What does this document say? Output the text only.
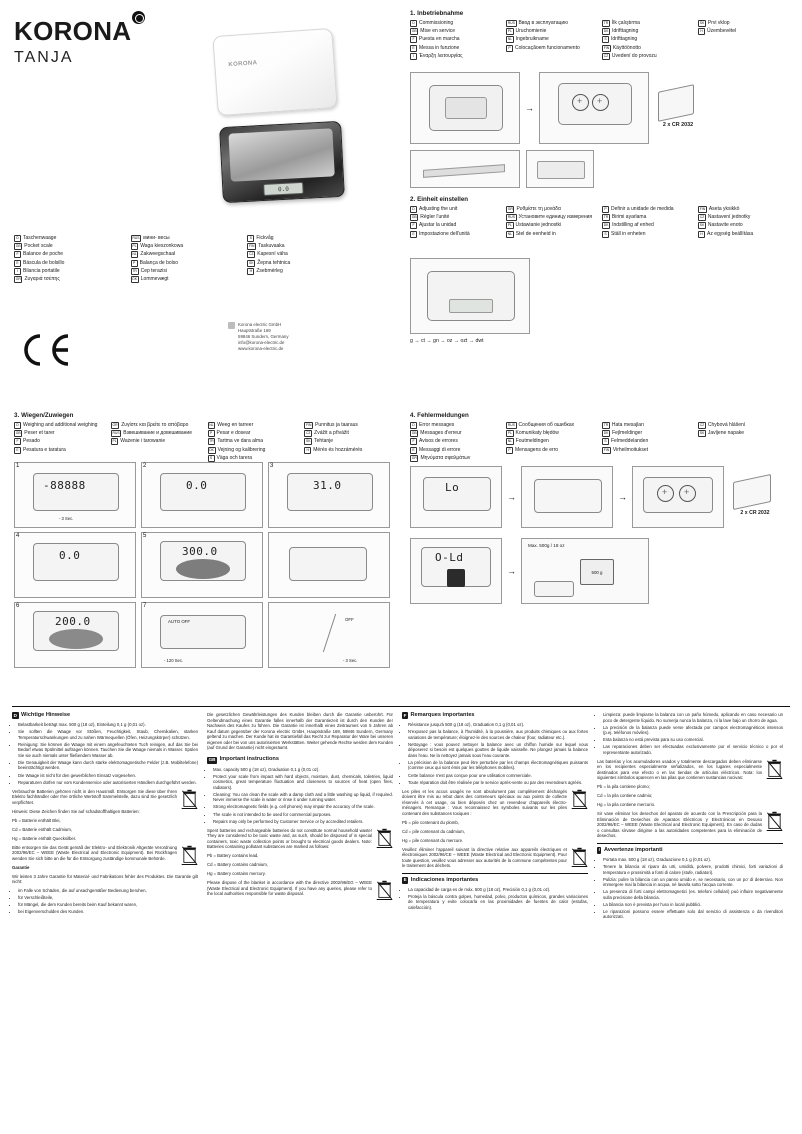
KORONA
TANJA	KORONA
0.0
D Taschenwaage
GB Pocket scale
F Balance de poche
E Báscula de bolsillo
I	Bilancia portatile
GR Ζυγαριά τσέπης
RUS мини- весы
PL Waga kieszonkowa
NL Zakweegschaal
P Balança de bolso
TR Cep terazisi
DK Lommevægt
S Fickvåg
FIN Taskuvaaka
CZ Kapesní váha
SK Žepna tehtnica
H Zsebmérleg
Korona electric GmbH
Hauptstraße 169
59846 Sundern, Germany
info@korona-electric.de
www.korona-electric.de
1. Inbetriebnahme
D Commissioning
GB Mise en service
F Puesta en marcha
E Messa in funzione
I	Έναρξη λειτουργίας
RUS Ввод в эксплуатацию
PL Uruchomienie
NL Ingebruikname
P Colocaçãoem funcionamento
TR İlk çalıştırma
DK Idrifttagning
S Idrifttagning
FIN Käyttöönotto
CZ Uvedení do provozu
SK Prvi vklop
H Üzembevétel
→
+
+
2 x CR 2032
2. Einheit einstellen
D Adjusting the unit
GB Régler l'unité
F Ajustar la unidad
E Impostazione dell'unità
GR Ρυθμίστε τη μονάδα
RUS Установите единицу измерения
PL Ustawianie jednostki
NL Stel de eenheid in
P Definir a unidade de medida
TR Birimi ayarlama
DK Indstilling af enhed
S Ställ in enheten
FIN Aseta yksikkö
CZ Nastavení jednotky
SK Nastavite enoto
H Az egység beállítása
g → ct → gn → oz → ozt → dwt
3. Wiegen/Zuwiegen
D Weighing and additional weighing
GB Peser et tarer
F Pesado
E Pesatura e taratura
GR Ζυγίστε και βρείτε το απόβαρο
RUS Взвешивание и довешивание
PL Ważenie i tarowanie
NL Weeg en tarreer
P Pesar e dosear
TR Tartma ve dara alma
DK Vejning og kalibrering
S Väga och tarera
FIN Punnitus ja taaraus
CZ Zvážit a přivážit
SK Tehtanje
H Mérés és hozzámérés
1
-88888
- 3 Sec.
2
0.0
3
31.0
4
0.0
5
300.0
6
200.0
7
AUTO OFF
- 120 Sec.
OFF
- 3 Sec.
4. Fehlermeldungen
D Error messages
GB Messages d'erreur
F Avisos de errores
E Messaggi di errore
GR Μηνύματα σφαλμάτων
RUS Сообщения об ошибках
PL Komunikaty błędów
NL Foutmeldingen
P Mensagens de erro
TR Hata mesajları
DK Fejlmeldinger
S Felmeddelanden
FIN Virheilmoitukset
CZ Chybová hlášení
SK Javljene napake
Lo
→	→
+
+
2 x CR 2032
O-Ld
→
Max. 500g / 18 oz
500 g
D Wichtige Hinweise
• Belastbarkeit beträgt max. 500 g (18 oz), Einteilung 0,1 g (0,01 oz).
• Sie sollten die Waage vor Stößen, Feuchtigkeit, Staub, Chemikalien, starken Temperaturschwankungen und zu nahen Wärmequellen (Öfen, Heizungskörper) schützen.
• Reinigung: Sie können die Waage mit einem angefeuchteten Tuch reinigen, auf das Sie bei Bedarf etwas Spülmittel auftragen können. Tauchen Sie die Waage niemals in Wasser. Spülen Sie sie auch niemals unter fließendem Wasser ab.
• Die Genauigkeit der Waage kann durch starke elektromagnetische Felder (z.B. Mobiltelefone) beeinträchtigt werden.
• Die Waage ist nicht für den gewerblichen Einsatz vorgesehen.
• Reparaturen dürfen nur vom Kundenservice oder autorisierten Händlern durchgeführt werden.

Verbrauchte Batterien gehören nicht in den Hausmüll. Entsorgen Sie diese über Ihren Elektro fachhändler oder Ihre örtliche Wertstoff Sammelstelle, dazu sind Sie gesetzlich verpflichtet.

Hinweis: Diese Zeichen finden Sie auf schadstoffhaltigen Batterien:

Pb = Batterie enthält Blei,

Cd = Batterie enthält Cadmium,

Hg = Batterie enthält Quecksilber.

Bitte entsorgen Sie das Gerät gemäß der Elektro- und Elektronik Altgeräte Verordnung 2002/96/EC – WEEE (Waste Electrical and Electronic Equipment). Bei Rückfragen wenden Sie sich bitte an die für die Entsorgung zuständige kommunale Behörde.

Garantie

Wir leisten 3 Jahre Garantie für Material- und Fabrikations fehler des Produktes. Die Garantie gilt nicht:

• im Falle von Schäden, die auf unsachgemäßer Bedienung beruhen,
• für Verschleißteile,
• für Mängel, die dem Kunden bereits beim Kauf bekannt waren,
• bei Eigenverschulden des Kunden.

Die gesetzlichen Gewährleistungen des Kunden bleiben durch die Garantie unberührt. Für Geltendmachung eines Garantie falles innerhalb der Garantiezeit ist durch den Kunden der Nachweis des Kaufes zu führen. Die Garantie ist innerhalb eines Zeitraumes von 5 Jahren ab Kauf datum gegenüber der Korona electric GmbH, Hauptstraße 169, 59846 Sundern, Germany geltend zu machen. Der Kunde hat im Garantiefall das Recht zur Reparatur der Ware bei unseren eigenen oder bei von uns autorisierten Werkstätten. Weiter gehende Rechte werden dem Kunden (auf Grund der Garantie) nicht eingeräumt.

GB Important instructions
• Max. capacity 500 g (18 oz), Graduation 0,1 g (0,01 oz).
• Protect your scale from impact with hard objects, moisture, dust, chemicals, toiletries, liquid cosmetics, great temperature fluctuation and closeness to sources of heat (open fires, radiators).
• Cleaning: You can clean the scale with a damp cloth and a little washing up liquid, if required. Never immerse the scale in water or rinse it under running water.
• Strong electromagnetic fields (e.g. cell phones) may impair the accuracy of the scale.
• The scale is not intended to be used for commercial purposes.
• Repairs may only be performed by Customer Service or by accredited retailers.

Spent batteries and rechargeable batteries do not constitute normal household waste! They are considered to be toxic waste and, as such, should be disposed of in special containers, toxic waste collection points or brought to electrical goods dealers. Note: Batteries containing pollutant substances are marked as follows:

Pb = Battery contains lead,

Cd = Battery contains cadmium,

Hg = Battery contains mercury.

Please dispose of the blanket in accordance with the directive 2002/96/EG – WEEE (Waste Electrical and Electronic Equipment). If you have any queries, please refer to the local authorities responsible for waste disposal.

F Remarques importantes
• Résistance jusqu'à 500 g (18 oz), Graduation 0,1 g (0,01 oz).
• N'exposez pas la balance, à l'humidité, à la poussière, aux produits chimiques ou aux fortes variations de température; éloignez-le des sources de chaleur (four, radiateur etc.).
• Nettoyage : vous pouvez nettoyer la balance avec un chiffon humide sur lequel vous déposerez si besoin est quelques gouttes de liquide vaisselle. Ne plongez jamais la balance dans l'eau. Ne la nettoyez jamais sous l'eau courante.
• La précision de la balance peut être perturbée par les champs électromagnétiques puissants (comme ceux qui sont émis par les téléphones mobiles).
• Cette balance n'est pas conçue pour une utilisation commerciale.
• Toute réparation doit être réalisée par le service après-vente ou par des revendeurs agréés.

Les piles et les accus usagés ne sont absolument pas complètement déchargés doivent être mis au rebut dans des conteneurs spéciaux ou aux points de collecte réservés à cet usage, ou bien déposés chez un revendeur d'appareils électro-ménagers. Remarque : Vous reconnaissez les symboles suivants sur les piles contenant des substances toxiques :

Pb = pile contenant du plomb,

Cd = pile contenant du cadmium,

Hg = pile contenant du mercure.

Veuillez éliminer l'appareil suivant la directive relative aux appareils électriques et électroniques 2002/96/CE – WEEE (Waste Electrical and Electronic Equipment). Pour toute question, veuillez vous adresser aux autorités de la commune compétentes pour le traitement des déchets.

E Indicaciones importantes
• La capacidad de carga es de máx. 500 g (18 oz), Precisión 0,1 g (0,01 oz).
• Proteja la báscula contra golpes, humedad, polvo, productos químicos, grandes variaciones de temperatura y evite colocarla en las proximidades de fuentes de calor (estufas, calefacción).
• Limpieza: puede limpiarse la balanza con un paño húmedo, aplicando en caso necesario un poco de detergente líquido. No sumerja nunca la balanza, ni la lave bajo un chorro de agua.
• La precisión de la balanza puede verse afectada por campos electromagnéticos intensos (p.ej. teléfonos móviles).
• Esta balanza no está prevista para su uso comercial.
• Las reparaciones deben ser efectuadas exclusivamente por el servicio técnico o por el representante autorizado.

Las baterías y los acumuladores usados y totalmente descargados deben eliminarse en los recipientes especialmente señalizados, en los lugares especialmente destinados para ese efecto o en las tiendas de artículos eléctricos. Nota: los siguientes símbolos aparecen en las pilas que contienen sustancias nocivas:

Pb = la pila contiene plomo;

Cd = la pila contiene cadmio;

Hg = la pila contiene mercurio.

Sir vase eliminar los desechos del aparato de acuerdo con la Prescripción para la Eliminación de Desechos de Aparatos Eléctricos y Electrónicos en Desuso 2002/96/EC – WEEE (Waste Electrical and Electronic Equipment). En caso de dudas o consultas sírvase dirigirse a las autoridades competentes para la eliminación de desechos.

I Avvertenze importanti
• Portata max. 500 g (18 oz), Graduazione 0,1 g (0,01 oz).
• Tenere la bilancia al riparo da urti, umidità, polvere, prodotti chimici, forti variazioni di temperatura e prossimità a fonti di calore (stufe, radiatori).
• Pulizia: pulire la bilancia con un panno umido e, se necessario, con un po' di detersivo. Non immergere mai la bilancia in acqua, né lavarla sotto l'acqua corrente.
• La presenza di forti campi elettromagnetici (es. telefoni cellulari) può influire negativamente sulla precisione della bilancia.
• La bilancia non è prevista per l'uso in locali pubblici.
• Le riparazioni possono essere effettuate solo dal servizio di assistenza o da rivenditori autorizzati.
